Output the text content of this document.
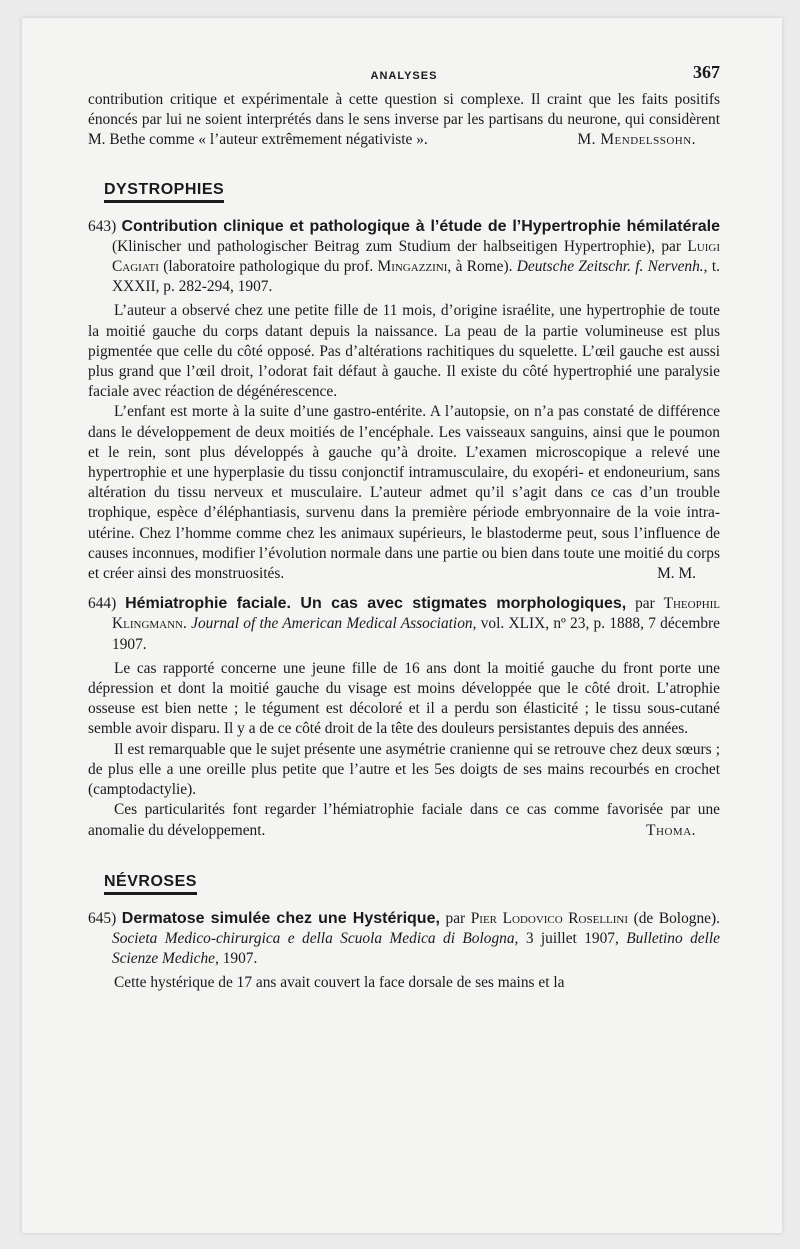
ANALYSES	367

contribution critique et expérimentale à cette question si complexe. Il craint que les faits positifs énoncés par lui ne soient interprétés dans le sens inverse par les partisans du neurone, qui considèrent M. Bethe comme « l’auteur extrêmement négativiste ».	M. Mendelssohn.

DYSTROPHIES

643) Contribution clinique et pathologique à l’étude de l’Hypertrophie hémilatérale (Klinischer und pathologischer Beitrag zum Studium der halbseitigen Hypertrophie), par Luigi Cagiati (laboratoire pathologique du prof. Mingazzini, à Rome). Deutsche Zeitschr. f. Nervenh., t. XXXII, p. 282-294, 1907.

L’auteur a observé chez une petite fille de 11 mois, d’origine israélite, une hypertrophie de toute la moitié gauche du corps datant depuis la naissance. La peau de la partie volumineuse est plus pigmentée que celle du côté opposé. Pas d’altérations rachitiques du squelette. L’œil gauche est aussi plus grand que l’œil droit, l’odorat fait défaut à gauche. Il existe du côté hypertrophié une paralysie faciale avec réaction de dégénérescence.

L’enfant est morte à la suite d’une gastro-entérite. A l’autopsie, on n’a pas constaté de différence dans le développement de deux moitiés de l’encéphale. Les vaisseaux sanguins, ainsi que le poumon et le rein, sont plus développés à gauche qu’à droite. L’examen microscopique a relevé une hypertrophie et une hyperplasie du tissu conjonctif intramusculaire, du exopéri- et endoneurium, sans altération du tissu nerveux et musculaire. L’auteur admet qu’il s’agit dans ce cas d’un trouble trophique, espèce d’éléphantiasis, survenu dans la première période embryonnaire de la voie intra-utérine. Chez l’homme comme chez les animaux supérieurs, le blastoderme peut, sous l’influence de causes inconnues, modifier l’évolution normale dans une partie ou bien dans toute une moitié du corps et créer ainsi des monstruosités.	M. M.

644) Hémiatrophie faciale. Un cas avec stigmates morphologiques, par Theophil Klingmann. Journal of the American Medical Association, vol. XLIX, nº 23, p. 1888, 7 décembre 1907.

Le cas rapporté concerne une jeune fille de 16 ans dont la moitié gauche du front porte une dépression et dont la moitié gauche du visage est moins développée que le côté droit. L’atrophie osseuse est bien nette ; le tégument est décoloré et il a perdu son élasticité ; le tissu sous-cutané semble avoir disparu. Il y a de ce côté droit de la tête des douleurs persistantes depuis des années.

Il est remarquable que le sujet présente une asymétrie cranienne qui se retrouve chez deux sœurs ; de plus elle a une oreille plus petite que l’autre et les 5es doigts de ses mains recourbés en crochet (camptodactylie).

Ces particularités font regarder l’hémiatrophie faciale dans ce cas comme favorisée par une anomalie du développement.	Thoma.

NÉVROSES

645) Dermatose simulée chez une Hystérique, par Pier Lodovico Rosellini (de Bologne). Societa Medico-chirurgica e della Scuola Medica di Bologna, 3 juillet 1907, Bulletino delle Scienze Mediche, 1907.

Cette hystérique de 17 ans avait couvert la face dorsale de ses mains et la
